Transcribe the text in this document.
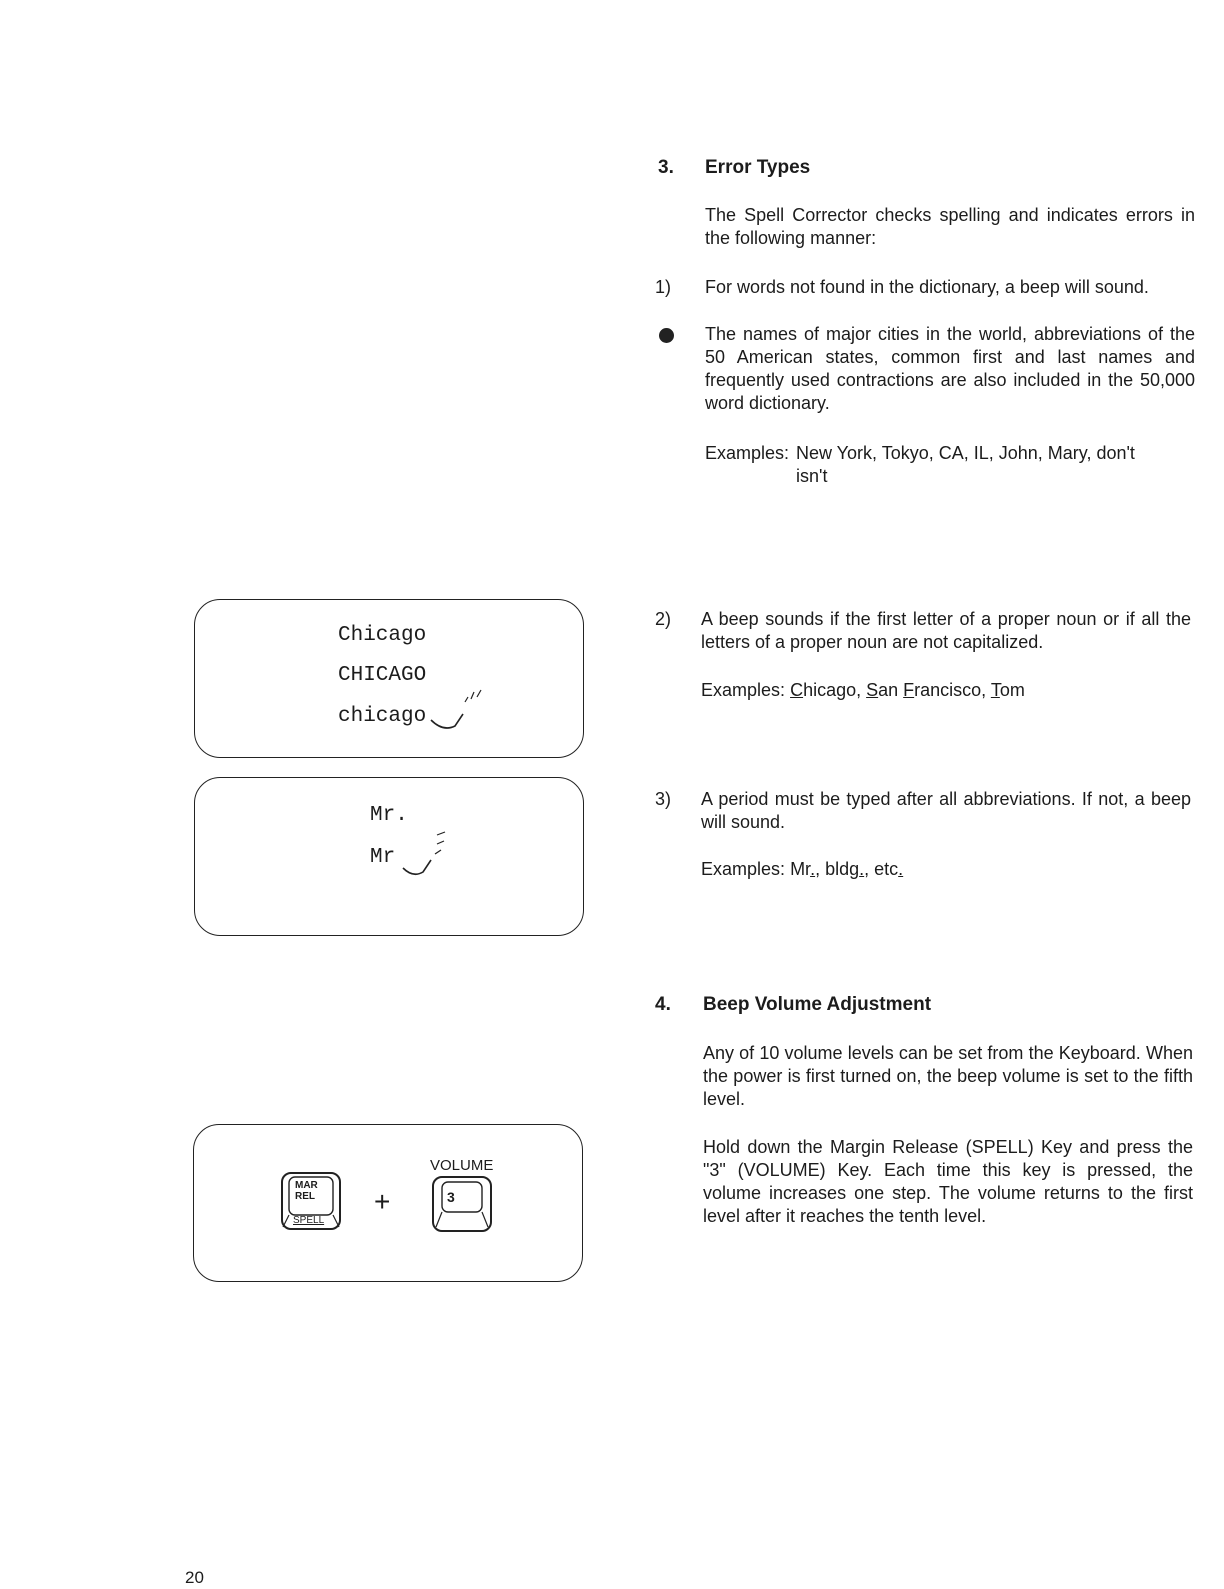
3. Error Types
The Spell Corrector checks spelling and indicates errors in the following manner:
1) For words not found in the dictionary, a beep will sound.
The names of major cities in the world, abbreviations of the 50 American states, common first and last names and frequently used contractions are also included in the 50,000 word dictionary.
Examples: New York, Tokyo, CA, IL, John, Mary, don't
isn't
2) A beep sounds if the first letter of a proper noun or if all the letters of a proper noun are not capitalized.
Examples: Chicago, San Francisco, Tom
3) A period must be typed after all abbreviations. If not, a beep will sound.
Examples: Mr., bldg., etc.
4. Beep Volume Adjustment
Any of 10 volume levels can be set from the Keyboard. When the power is first turned on, the beep volume is set to the fifth level.
Hold down the Margin Release (SPELL) Key and press the "3" (VOLUME) Key. Each time this key is pressed, the volume increases one step. The volume returns to the first level after it reaches the tenth level.
Chicago
CHICAGO
chicago
Mr.
Mr
MAR
REL
SPELL
+
VOLUME
3
20
